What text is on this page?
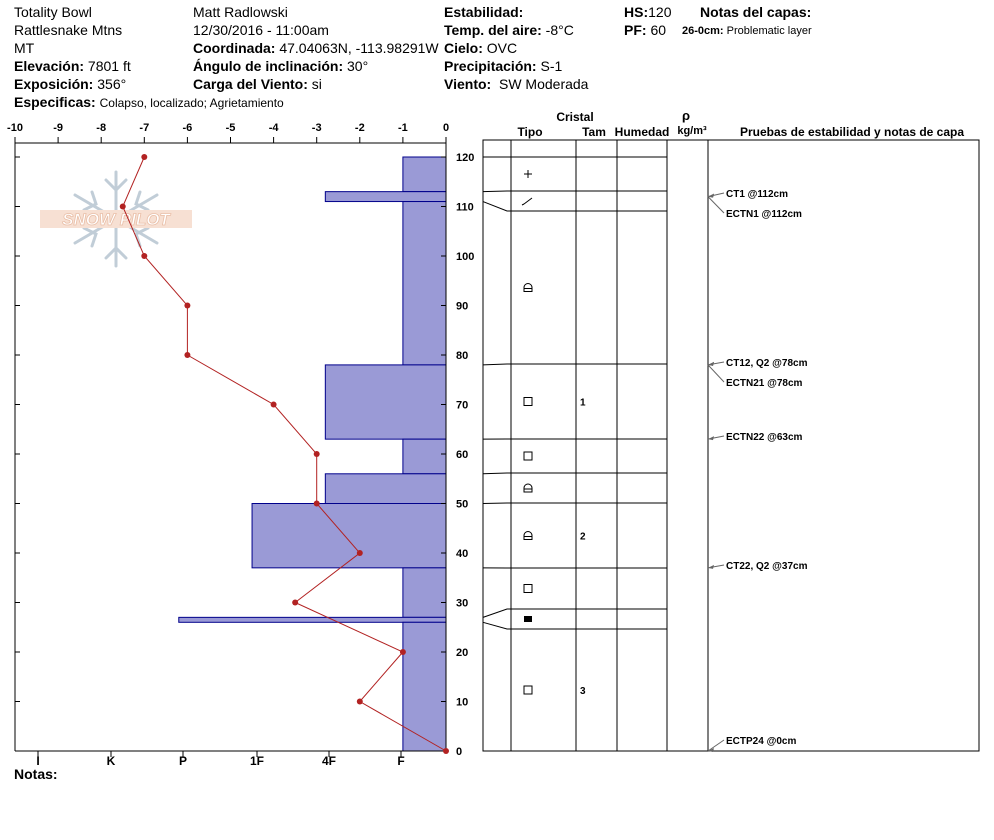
Totality Bowl
Rattlesnake Mtns
MT
Elevación: 7801 ft
Exposición: 356°
Especificas: Colapso, localizado; Agrietamiento
Matt Radlowski
12/30/2016 - 11:00am
Coordinada: 47.04063N, -113.98291W
Ángulo de inclinación: 30°
Carga del Viento: si
Estabilidad:
Temp. del aire: -8°C
Cielo: OVC
Precipitación: S-1
Viento: SW Moderada
HS:120
PF: 60
Notas del capas:
26-0cm: Problematic layer
Notas:
SNOW PILOT
-10	-9	-8	-7	-6	-5	-4	-3	-2	-1	0
0
10
20
30
40
50
60
70
80
90
100
110
120
I	K	P	1F	4F	F
Cristal
Tipo	Tam Humedad
ρ
kg/m³	Pruebas de estabilidad y notas de capa
1
2
3
CT1 @112cm
ECTN1 @112cm
CT12, Q2 @78cm
ECTN21 @78cm
ECTN22 @63cm
CT22, Q2 @37cm
ECTP24 @0cm
